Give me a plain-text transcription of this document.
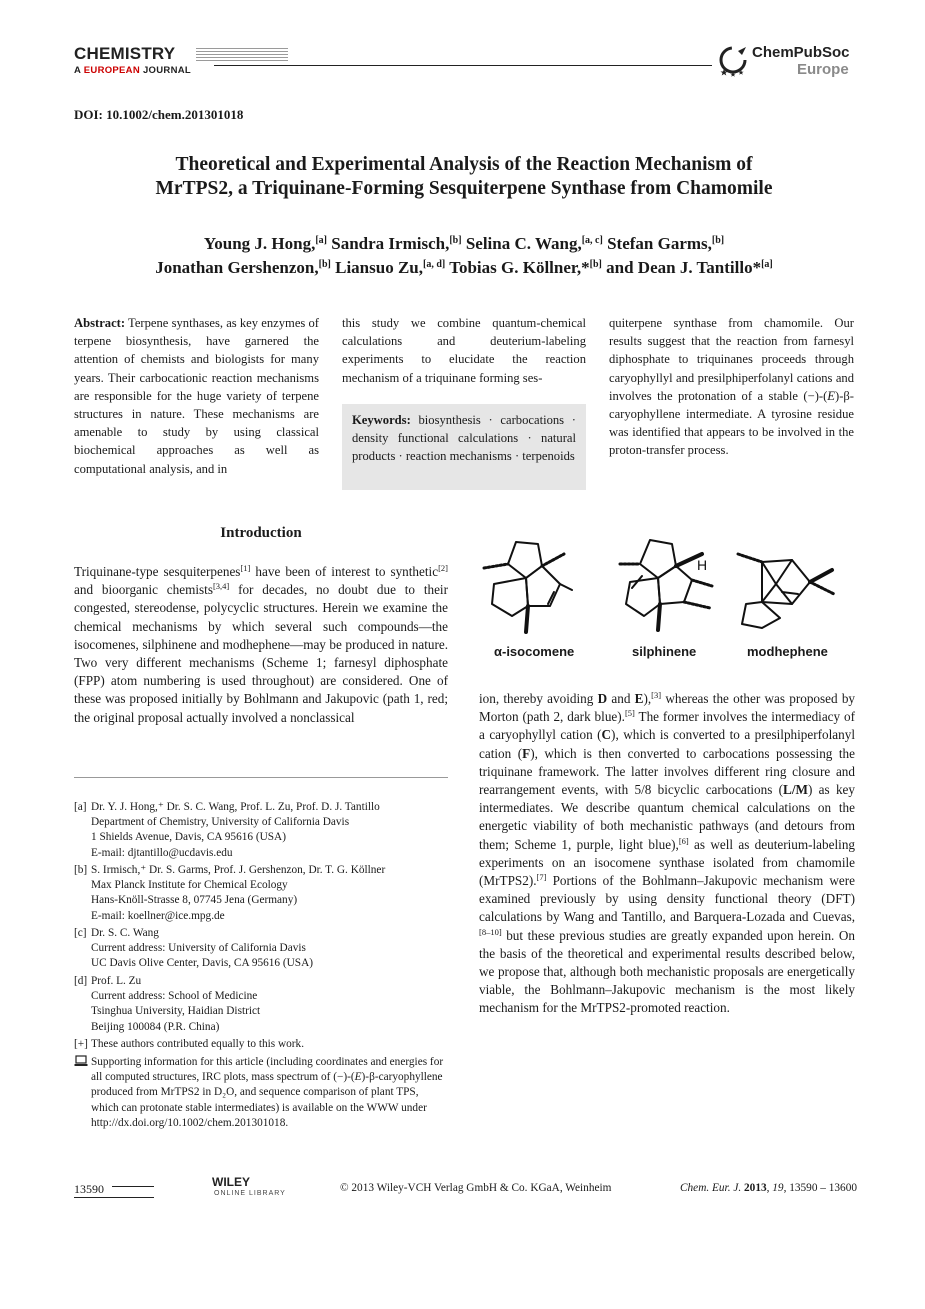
CHEMISTRY
A EUROPEAN JOURNAL
ChemPubSoc
Europe
DOI: 10.1002/chem.201301018
Theoretical and Experimental Analysis of the Reaction Mechanism of
MrTPS2, a Triquinane-Forming Sesquiterpene Synthase from Chamomile
Young J. Hong,[a] Sandra Irmisch,[b] Selina C. Wang,[a, c] Stefan Garms,[b]
Jonathan Gershenzon,[b] Liansuo Zu,[a, d] Tobias G. Köllner,*[b] and Dean J. Tantillo*[a]
Abstract: Terpene synthases, as key enzymes of terpene biosynthesis, have garnered the attention of chemists and biologists for many years. Their carbocationic reaction mechanisms are responsible for the huge variety of terpene structures in nature. These mechanisms are amenable to study by using classical biochemical approaches as well as computational analysis, and in
this study we combine quantum-chemical calculations and deuterium-labeling experiments to elucidate the reaction mechanism of a triquinane forming ses-
Keywords: biosynthesis · carbocations · density functional calculations · natural products · reaction mechanisms · terpenoids
quiterpene synthase from chamomile. Our results suggest that the reaction from farnesyl diphosphate to triquinanes proceeds through caryophyllyl and presilphiperfolanyl cations and involves the protonation of a stable (−)-(E)-β-caryophyllene intermediate. A tyrosine residue was identified that appears to be involved in the proton-transfer process.
Introduction
Triquinane-type sesquiterpenes[1] have been of interest to synthetic[2] and bioorganic chemists[3,4] for decades, no doubt due to their congested, stereodense, polycyclic structures. Herein we examine the chemical mechanisms by which several such compounds—the isocomenes, silphinene and modhephene—may be produced in nature. Two very different mechanisms (Scheme 1; farnesyl diphosphate (FPP) atom numbering is used throughout) are considered. One of these was proposed initially by Bohlmann and Jakupovic (path 1, red; the original proposal actually involved a nonclassical
ion, thereby avoiding D and E),[3] whereas the other was proposed by Morton (path 2, dark blue).[5] The former involves the intermediacy of a caryophyllyl cation (C), which is converted to a presilphiperfolanyl cation (F), which is then converted to carbocations possessing the triquinane framework. The latter involves different ring closure and rearrangement events, with 5/8 bicyclic carbocations (L/M) as key intermediates. We describe quantum chemical calculations on the energetic viability of both mechanistic pathways (and detours from them; Scheme 1, purple, light blue),[6] as well as deuterium-labeling experiments on an isocomene synthase isolated from chamomile (MrTPS2).[7] Portions of the Bohlmann–Jakupovic mechanism were examined previously by using density functional theory (DFT) calculations by Wang and Tantillo, and Barquera-Lozada and Cuevas,[8–10] but these previous studies are greatly expanded upon herein. On the basis of the theoretical and experimental results described below, we propose that, although both mechanistic proposals are energetically viable, the Bohlmann–Jakupovic mechanism is the most likely mechanism for the MrTPS2-promoted reaction.
H
α-isocomene	silphinene	modhephene
[a] Dr. Y. J. Hong,⁺ Dr. S. C. Wang, Prof. L. Zu, Prof. D. J. Tantillo
Department of Chemistry, University of California Davis
1 Shields Avenue, Davis, CA 95616 (USA)
E-mail: djtantillo@ucdavis.edu
[b] S. Irmisch,⁺ Dr. S. Garms, Prof. J. Gershenzon, Dr. T. G. Köllner
Max Planck Institute for Chemical Ecology
Hans-Knöll-Strasse 8, 07745 Jena (Germany)
E-mail: koellner@ice.mpg.de
[c] Dr. S. C. Wang
Current address: University of California Davis
UC Davis Olive Center, Davis, CA 95616 (USA)
[d] Prof. L. Zu
Current address: School of Medicine
Tsinghua University, Haidian District
Beijing 100084 (P.R. China)
[+] These authors contributed equally to this work.
Supporting information for this article (including coordinates and energies for all computed structures, IRC plots, mass spectrum of (−)-(E)-β-caryophyllene produced from MrTPS2 in D₂O, and sequence comparison of plant TPS, which can protonate stable intermediates) is available on the WWW under http://dx.doi.org/10.1002/chem.201301018.
13590	WILEY
ONLINE LIBRARY	© 2013 Wiley-VCH Verlag GmbH & Co. KGaA, Weinheim	Chem. Eur. J. 2013, 19, 13590 – 13600
